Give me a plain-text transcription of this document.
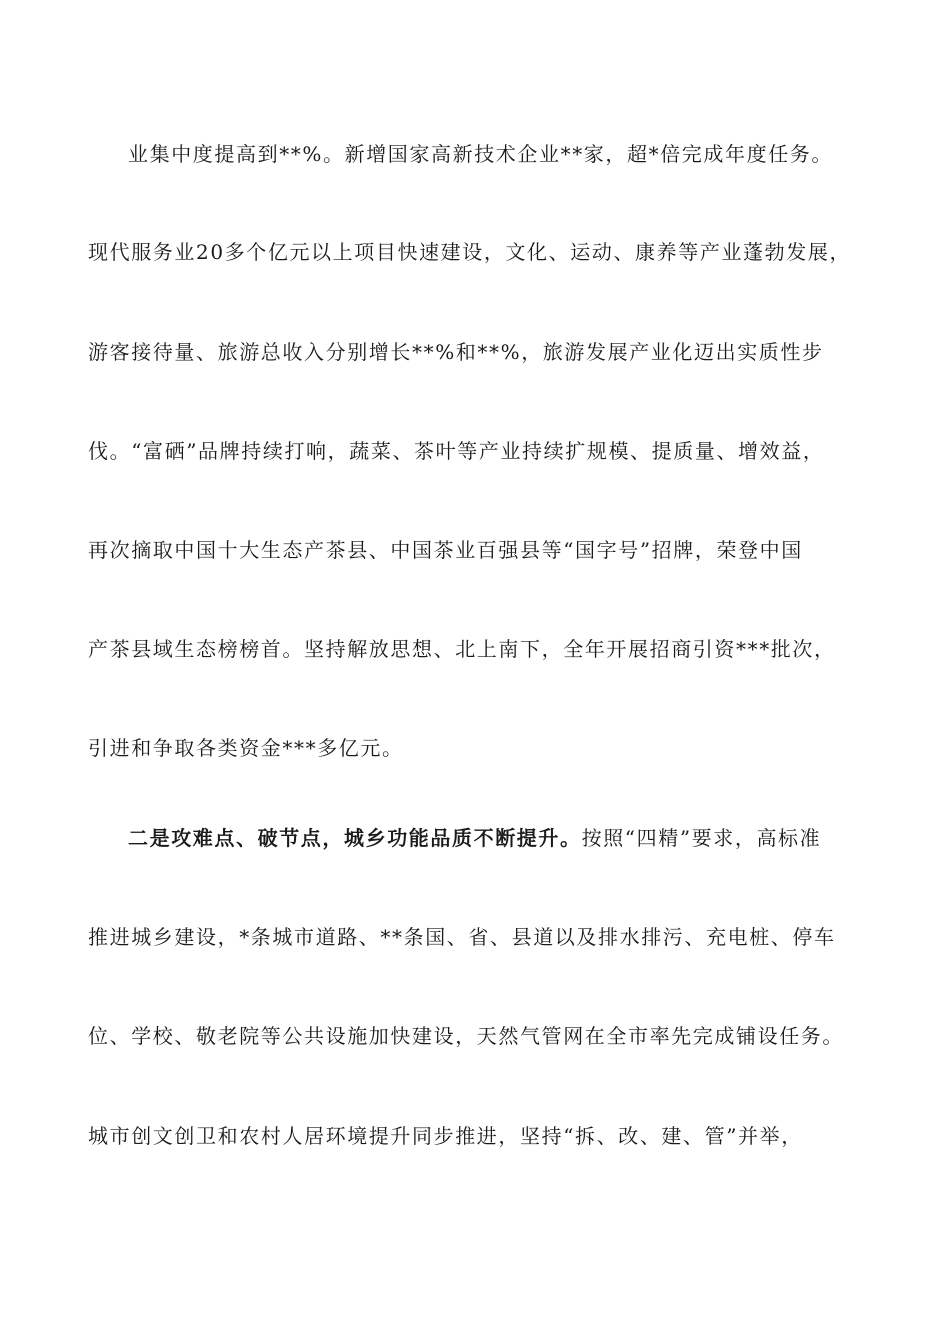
业集中度提高到**%。新增国家高新技术企业**家，超*倍完成年度任务。
现代服务业20多个亿元以上项目快速建设，文化、运动、康养等产业蓬勃发展，
游客接待量、旅游总收入分别增长**%和**%，旅游发展产业化迈出实质性步
伐。“富硒”品牌持续打响，蔬菜、茶叶等产业持续扩规模、提质量、增效益，
再次摘取中国十大生态产茶县、中国茶业百强县等“国字号”招牌，荣登中国
产茶县域生态榜榜首。坚持解放思想、北上南下，全年开展招商引资***批次，
引进和争取各类资金***多亿元。
二是攻难点、破节点，城乡功能品质不断提升。按照“四精”要求，高标准
推进城乡建设，*条城市道路、**条国、省、县道以及排水排污、充电桩、停车
位、学校、敬老院等公共设施加快建设，天然气管网在全市率先完成铺设任务。
城市创文创卫和农村人居环境提升同步推进，坚持“拆、改、建、管”并举，
